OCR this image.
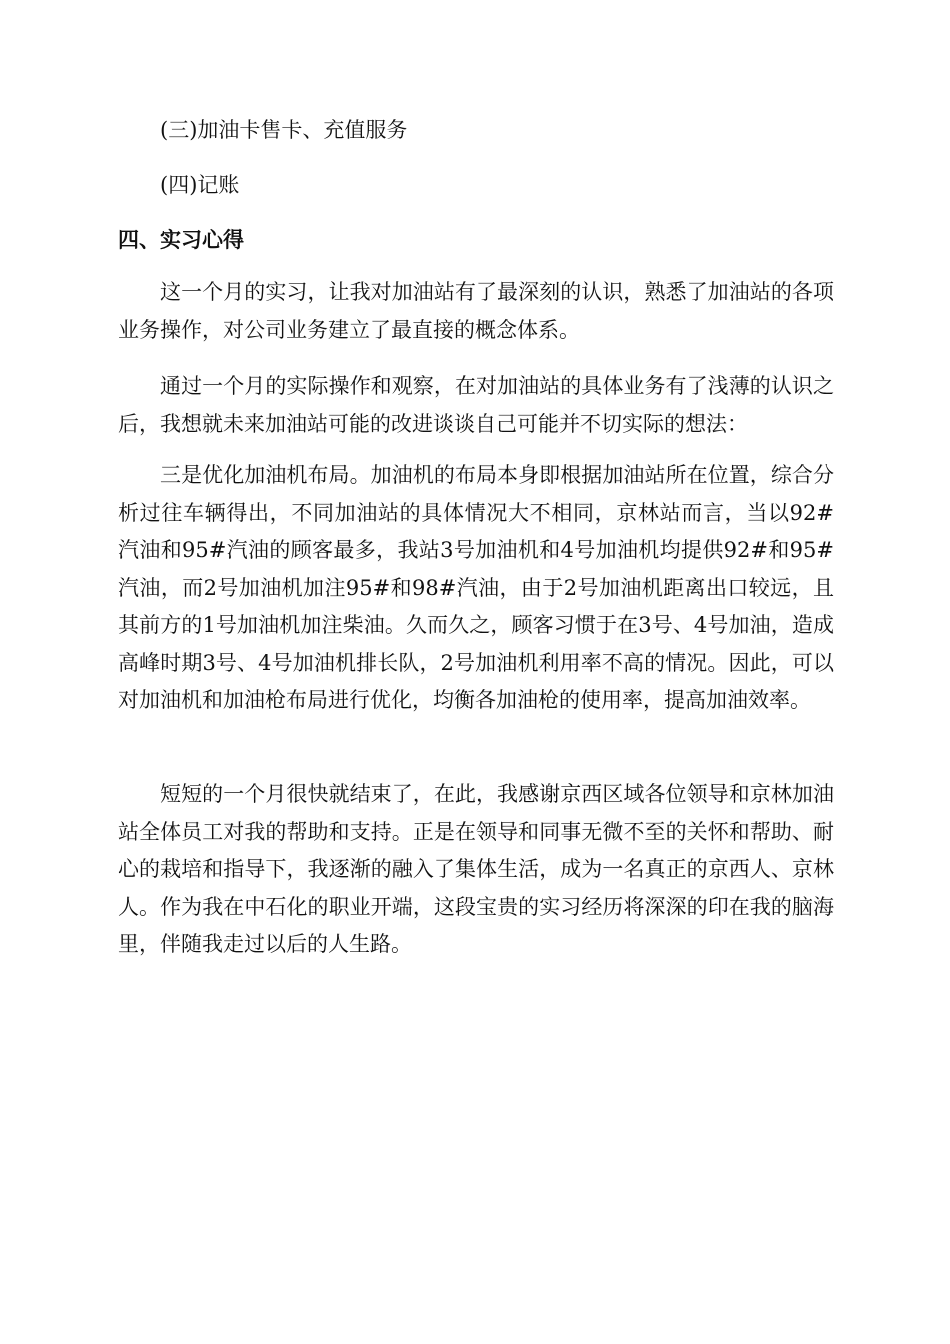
(三)加油卡售卡、充值服务
(四)记账
四、实习心得

这一个月的实习，让我对加油站有了最深刻的认识，熟悉了加油站的各项业务操作，对公司业务建立了最直接的概念体系。

通过一个月的实际操作和观察，在对加油站的具体业务有了浅薄的认识之后，我想就未来加油站可能的改进谈谈自己可能并不切实际的想法：

三是优化加油机布局。加油机的布局本身即根据加油站所在位置，综合分析过往车辆得出，不同加油站的具体情况大不相同，京林站而言，当以92#汽油和95#汽油的顾客最多，我站3号加油机和4号加油机均提供92#和95#汽油，而2号加油机加注95#和98#汽油，由于2号加油机距离出口较远，且其前方的1号加油机加注柴油。久而久之，顾客习惯于在3号、4号加油，造成高峰时期3号、4号加油机排长队，2号加油机利用率不高的情况。因此，可以对加油机和加油枪布局进行优化，均衡各加油枪的使用率，提高加油效率。

短短的一个月很快就结束了，在此，我感谢京西区域各位领导和京林加油站全体员工对我的帮助和支持。正是在领导和同事无微不至的关怀和帮助、耐心的栽培和指导下，我逐渐的融入了集体生活，成为一名真正的京西人、京林人。作为我在中石化的职业开端，这段宝贵的实习经历将深深的印在我的脑海里，伴随我走过以后的人生路。
